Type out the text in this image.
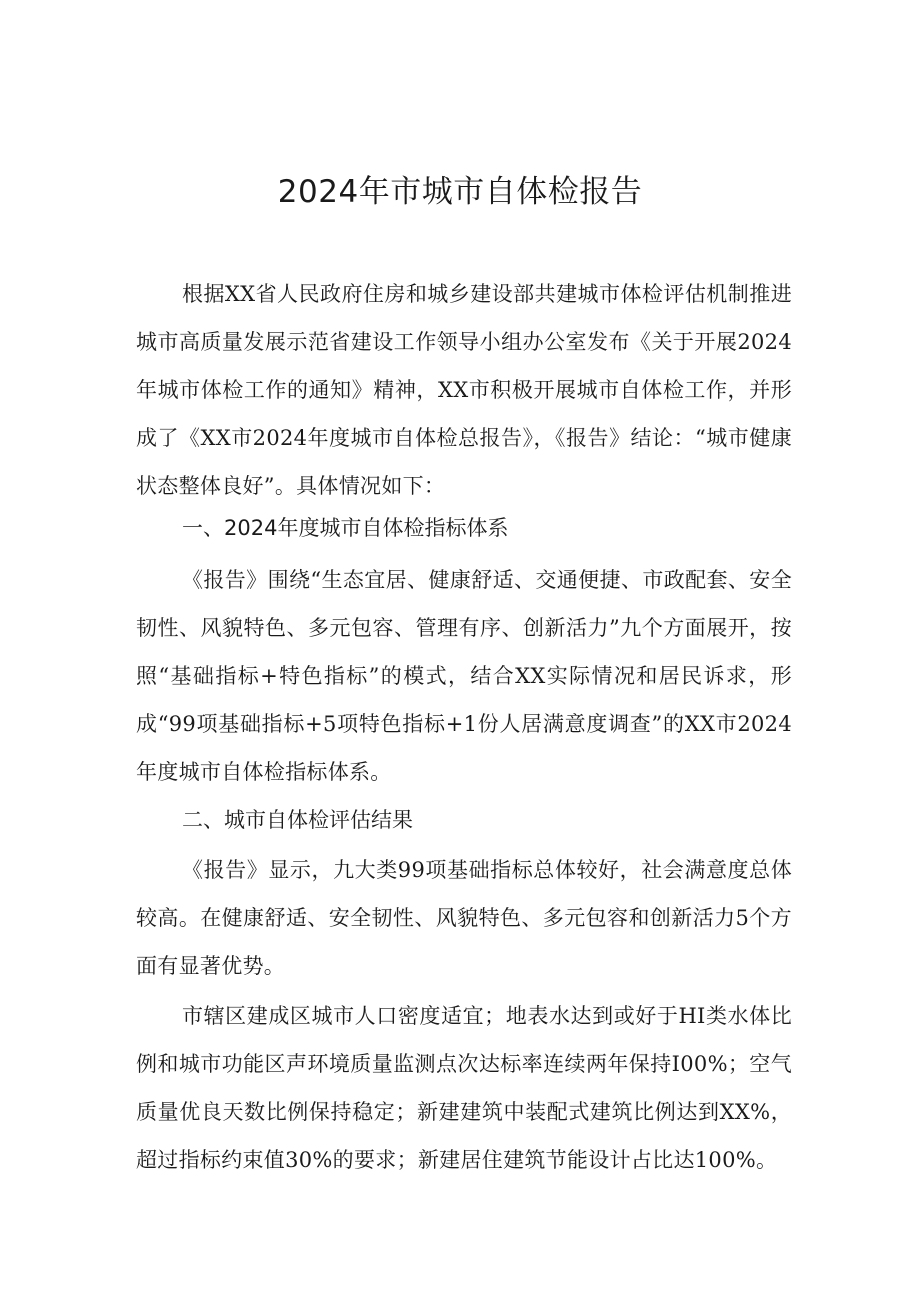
2024年市城市自体检报告

根据XX省人民政府住房和城乡建设部共建城市体检评估机制推进城市高质量发展示范省建设工作领导小组办公室发布《关于开展2024年城市体检工作的通知》精神，XX市积极开展城市自体检工作，并形成了《XX市2024年度城市自体检总报告》，《报告》结论：“城市健康状态整体良好”。具体情况如下：

一、2024年度城市自体检指标体系

《报告》围绕“生态宜居、健康舒适、交通便捷、市政配套、安全韧性、风貌特色、多元包容、管理有序、创新活力”九个方面展开，按照“基础指标+特色指标”的模式，结合XX实际情况和居民诉求，形成“99项基础指标+5项特色指标+1份人居满意度调查”的XX市2024年度城市自体检指标体系。

二、城市自体检评估结果

《报告》显示，九大类99项基础指标总体较好，社会满意度总体较高。在健康舒适、安全韧性、风貌特色、多元包容和创新活力5个方面有显著优势。

市辖区建成区城市人口密度适宜；地表水达到或好于HI类水体比例和城市功能区声环境质量监测点次达标率连续两年保持I00%；空气质量优良天数比例保持稳定；新建建筑中装配式建筑比例达到XX%，超过指标约束值30%的要求；新建居住建筑节能设计占比达100%。
